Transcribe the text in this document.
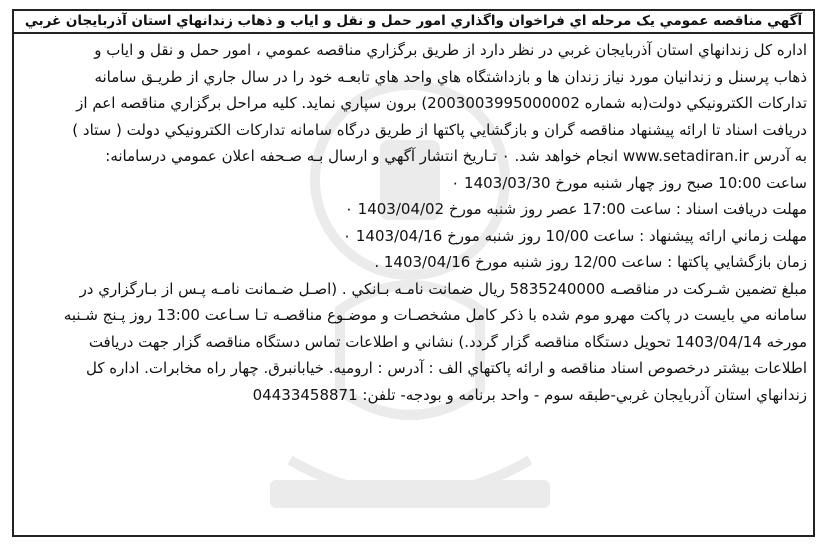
آگهي مناقصه عمومي يک مرحله اي فراخوان واگذاري امور حمل و نقل و اياب و ذهاب زندانهاي استان آذربايجان غربي
اداره كل زندانهاي استان آذربايجان غربي در نظر دارد از طريق برگزاري مناقصه عمومي ، امور حمل و نقل و اياب و
ذهاب پرسنل و زندانيان مورد نياز زندان ها و بازداشتگاه هاي واحد هاي تابعـه خود را در سال جاري از طريـق سامانه
تداركات الكترونيكي دولت(به شماره 2003003995000002) برون سپاري نمايد. كليه مراحل برگزاري مناقصه اعم از
دريافت اسناد تا ارائه پيشنهاد مناقصه گران و بازگشايي پاكتها از طريق درگاه سامانه تداركات الكترونيكي دولت ( ستاد )
به آدرس www.setadiran.ir انجام خواهد شد. ۰ تـاريخ انتشار آگهي و ارسال بـه صـحفه اعلان عمومي درسامانه:
ساعت 10:00 صبح روز چهار شنبه مورخ 1403/03/30 ۰
مهلت دريافت اسناد : ساعت 17:00 عصر روز شنبه مورخ 1403/04/02 ۰
مهلت زماني ارائه پيشنهاد : ساعت 10/00 روز شنبه مورخ 1403/04/16 ۰
زمان بازگشايي پاكتها : ساعت 12/00 روز شنبه مورخ 1403/04/16 .
مبلغ تضمين شـركت در مناقصـه 5835240000 ريال ضمانت نامـه بـانكي . (اصـل ضـمانت نامـه پـس از بـارگزاري در
سامانه مي بايست در پاكت مهرو موم شده با ذكر كامل مشخصـات و موضـوع مناقصـه تـا سـاعت 13:00 روز پـنج شـنبه
مورخه 1403/04/14 تحويل دستگاه مناقصه گزار گردد.) نشاني و اطلاعات تماس دستگاه مناقصه گزار جهت دريافت
اطلاعات بيشتر درخصوص اسناد مناقصه و ارائه پاكتهاي الف : آدرس : اروميه. خيابانبرق. چهار راه مخابرات. اداره كل
زندانهاي استان آذربايجان غربي-طبقه سوم - واحد برنامه و بودجه- تلفن: 04433458871
